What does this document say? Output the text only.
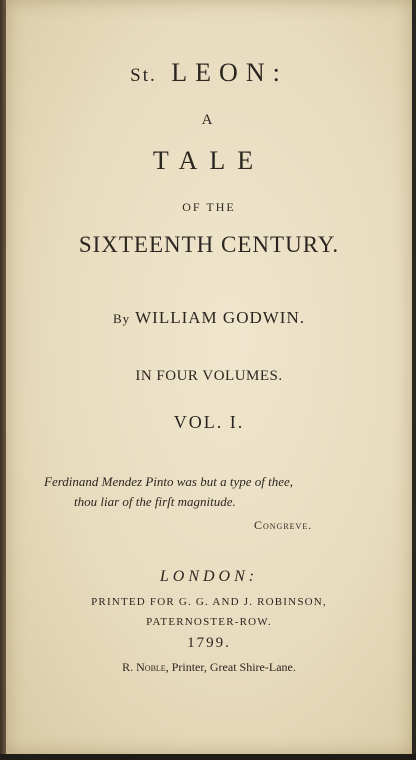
St. LEON:
A
TALE
OF THE
SIXTEENTH CENTURY.
By WILLIAM GODWIN.
IN FOUR VOLUMES.
VOL. I.
Ferdinand Mendez Pinto was but a type of thee,
thou liar of the firſt magnitude.
Congreve.
LONDON:
PRINTED FOR G. G. AND J. ROBINSON,
PATERNOSTER-ROW.
1799.
R. Noble, Printer, Great Shire-Lane.
